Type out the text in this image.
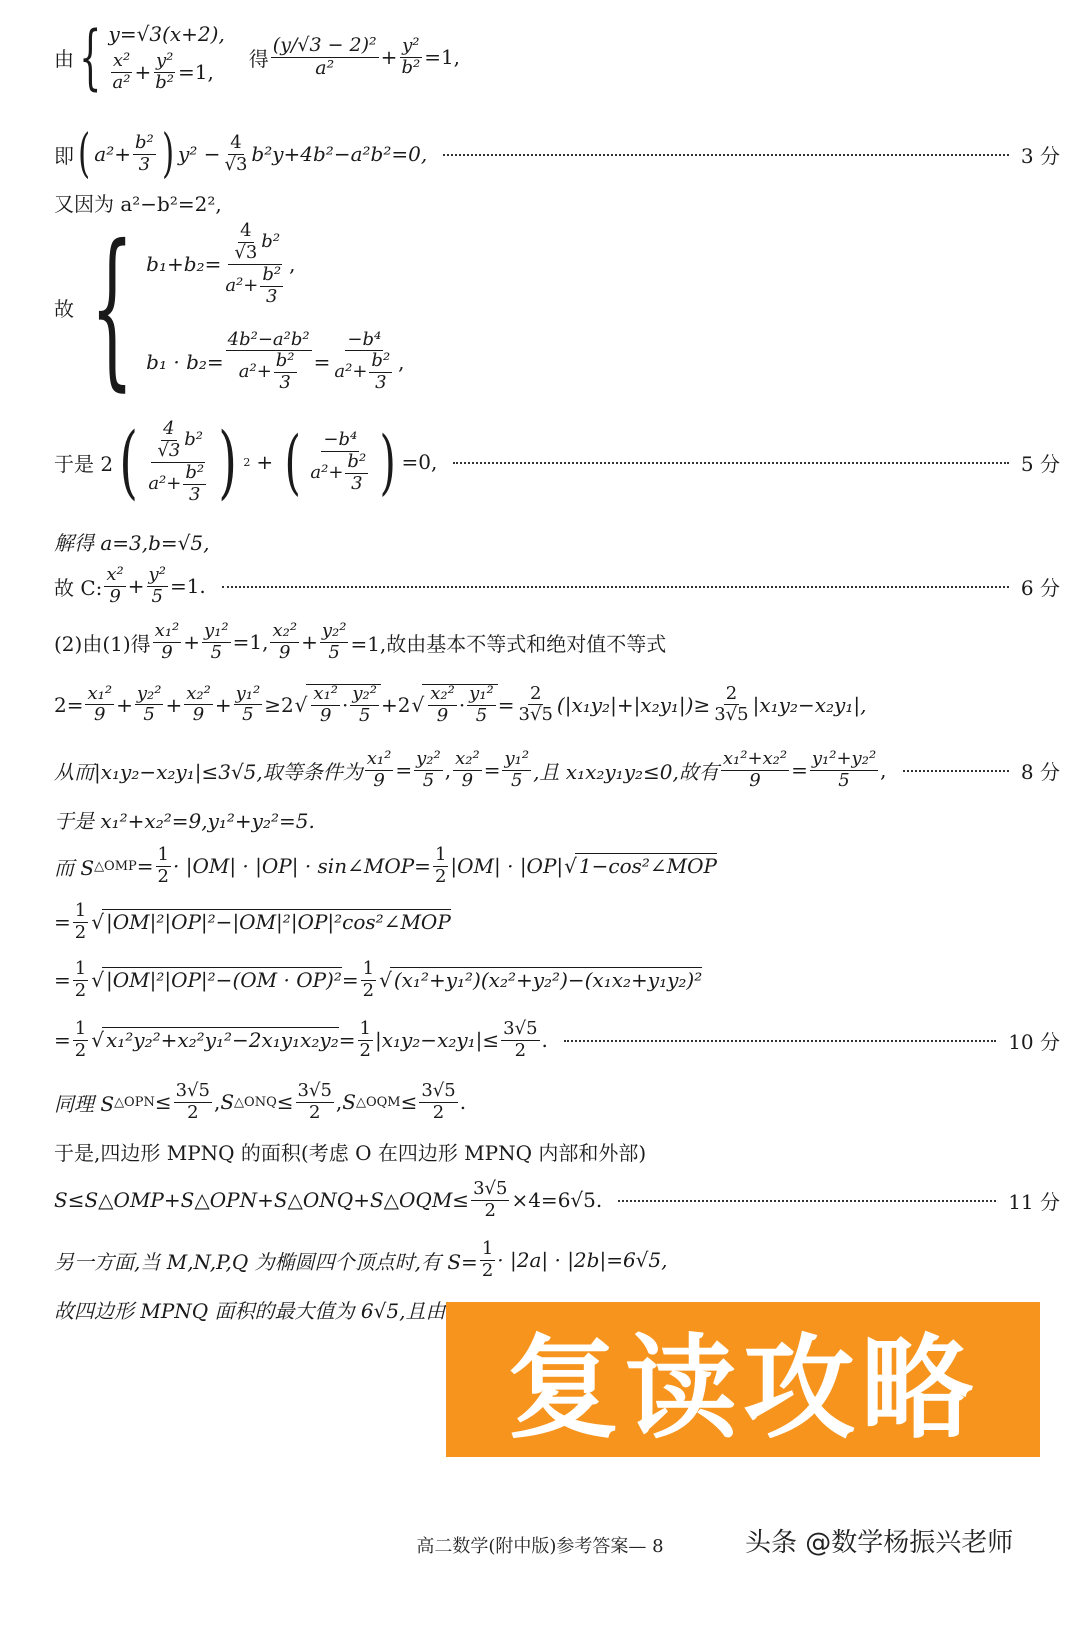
由 { y=√3(x+2),
$\frac{\text{x²}}{\text{a²}} + \frac{\text{y²}}{\text{b²}} =1$,
得 $\frac{\text{(y/√3 − 2)²}}{\text{a²}} + \frac{\text{y²}}{\text{b²}} =1$,
即 ( $a^2+ \frac{\text{b²}}{3}$ ) $y^2 - \frac{4}{√3} b^2y+4b^2-a^2b^2=0$,	3 分
又因为 a²−b²=2²,
故 { $b_1+b_2= \frac{\frac{4}{√3} b^2}{a^2+ \frac{\text{b²}}{3}}$ ,
$b_1 \cdot b_2= \frac{\text{4b²−a²b²}}{a^2+ \frac{\text{b²}}{3}} = \frac{\text{−b⁴}}{a^2+ \frac{\text{b²}}{3}}$ ,
于是 2 ( $\frac{\frac{4}{√3} b^2}{a^2+ \frac{\text{b²}}{3}}$ ) 2 + ( $\frac{\text{−b⁴}}{a^2+ \frac{\text{b²}}{3}}$ ) =0,	5 分
解得 a=3,b=√5,
故 C: $\frac{\text{x²}}{9} + \frac{\text{y²}}{5} =1$.	6 分
(2)由(1)得 $\frac{\text{x₁²}}{9} + \frac{\text{y₁²}}{5} =1$, $\frac{\text{x₂²}}{9} + \frac{\text{y₂²}}{5} =1$,故由基本不等式和绝对值不等式
$2= \frac{\text{x₁²}}{9} + \frac{\text{y₂²}}{5} + \frac{\text{x₂²}}{9} + \frac{\text{y₁²}}{5} \ge 2$ √ $\frac{\text{x₁²}}{9} \cdot \frac{\text{y₂²}}{5} +2$ √ $\frac{\text{x₂²}}{9} \cdot \frac{\text{y₁²}}{5} = \frac{2}{3√5} (|x_1y_2|+|x_2y_1|)\ge \frac{2}{3√5} |x_1y_2-x_2y_1|$,
从而|x₁y₂−x₂y₁|≤3√5,取等条件为 $\frac{\text{x₁²}}{9} = \frac{\text{y₂²}}{5}$ , $\frac{\text{x₂²}}{9} = \frac{\text{y₁²}}{5}$ ,且 x₁x₂y₁y₂≤0,故有 $\frac{\text{x₁²+x₂²}}{9} = \frac{\text{y₁²+y₂²}}{5}$ ,	8 分
于是 x₁²+x₂²=9,y₁²+y₂²=5.
而 S △OMP = $\frac{1}{2} \cdot |OM| \cdot |OP|$ · sin∠MOP= $\frac{1}{2} |OM| \cdot |OP|$ √ 1−cos²∠MOP
= $\frac{1}{2}$ √ |OM|²|OP|²−|OM|²|OP|²cos²∠MOP
= $\frac{1}{2}$ √ $|OM|^2|OP|^2-(OM \cdot OP)^2 = \frac{1}{2}$ √ (x₁²+y₁²)(x₂²+y₂²)−(x₁x₂+y₁y₂)²
= $\frac{1}{2}$ √ $x_1^2y_2^2+x_2^2y_1^2-2x_1y_1x_2y_2 = \frac{1}{2} |x_1y_2-x_2y_1|\le \frac{3√5}{2}$ .	10 分
同理 S △OPN ≤ $\frac{3√5}{2}$ , S △ONQ ≤ $\frac{3√5}{2}$ , S △OQM ≤ $\frac{3√5}{2}$ .
于是,四边形 MPNQ 的面积(考虑 O 在四边形 MPNQ 内部和外部)
S≤S△OMP+S△OPN+S△ONQ+S△OQM≤ $\frac{3√5}{2} \times 4=6√5$.	11 分
另一方面,当 M,N,P,Q 为椭圆四个顶点时,有 $S= \frac{1}{2} \cdot |2a| \cdot |2b|=6√5$,
故四边形 MPNQ 面积的最大值为 6√5,且由
复读攻略
高二数学(附中版)参考答案— 8	头条 @数学杨振兴老师
